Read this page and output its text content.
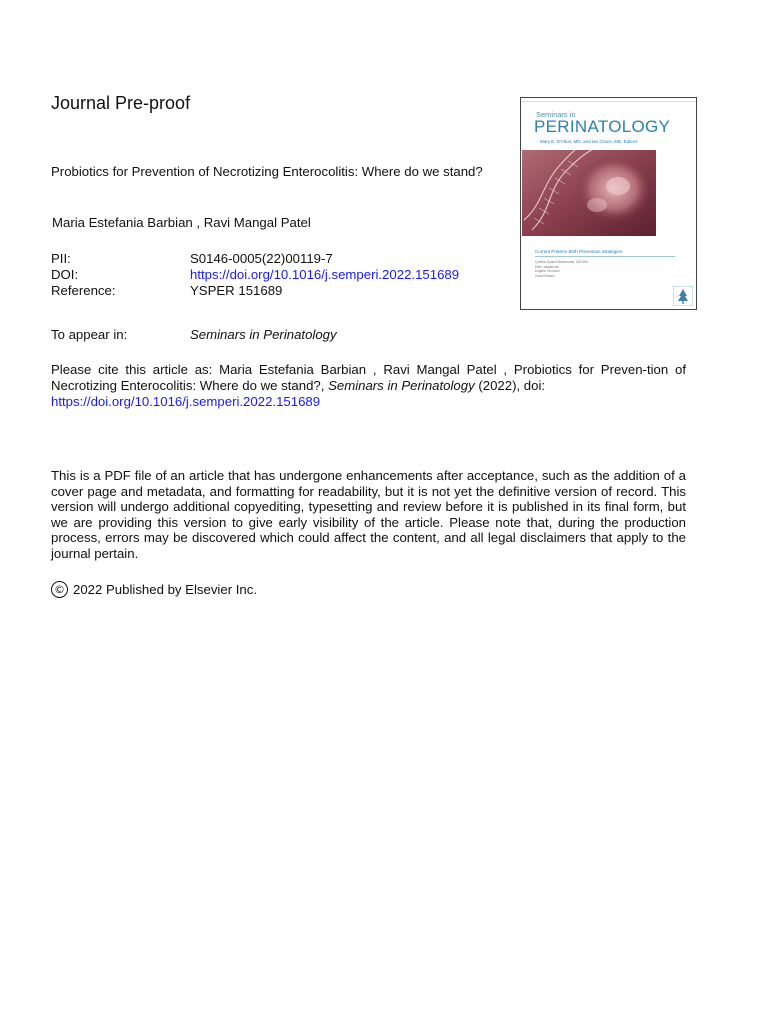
Journal Pre-proof
Probiotics for Prevention of Necrotizing Enterocolitis: Where do we stand?
Maria Estefania Barbian , Ravi Mangal Patel
PII:	S0146-0005(22)00119-7
DOI:	https://doi.org/10.1016/j.semperi.2022.151689
Reference:	YSPER 151689
To appear in:	Seminars in Perinatology
Please cite this article as: Maria Estefania Barbian , Ravi Mangal Patel , Probiotics for Preven-tion of Necrotizing Enterocolitis: Where do we stand?, Seminars in Perinatology (2022), doi:
https://doi.org/10.1016/j.semperi.2022.151689
This is a PDF file of an article that has undergone enhancements after acceptance, such as the addition of a cover page and metadata, and formatting for readability, but it is not yet the definitive version of record. This version will undergo additional copyediting, typesetting and review before it is published in its final form, but we are providing this version to give early visibility of the article. Please note that, during the production process, errors may be discovered which could affect the content, and all legal disclaimers that apply to the journal pertain.
© 2022 Published by Elsevier Inc.
Seminars in
PERINATOLOGY
Mary E. D'Alton, MD, and Ian Grace, MD, Editors
Current Preterm Birth Prevention Strategies
Cynthia Gyamfi-Bannerman, MD MSc
Ellen Jayakumar
Eugene Levinson
Guest Editors
